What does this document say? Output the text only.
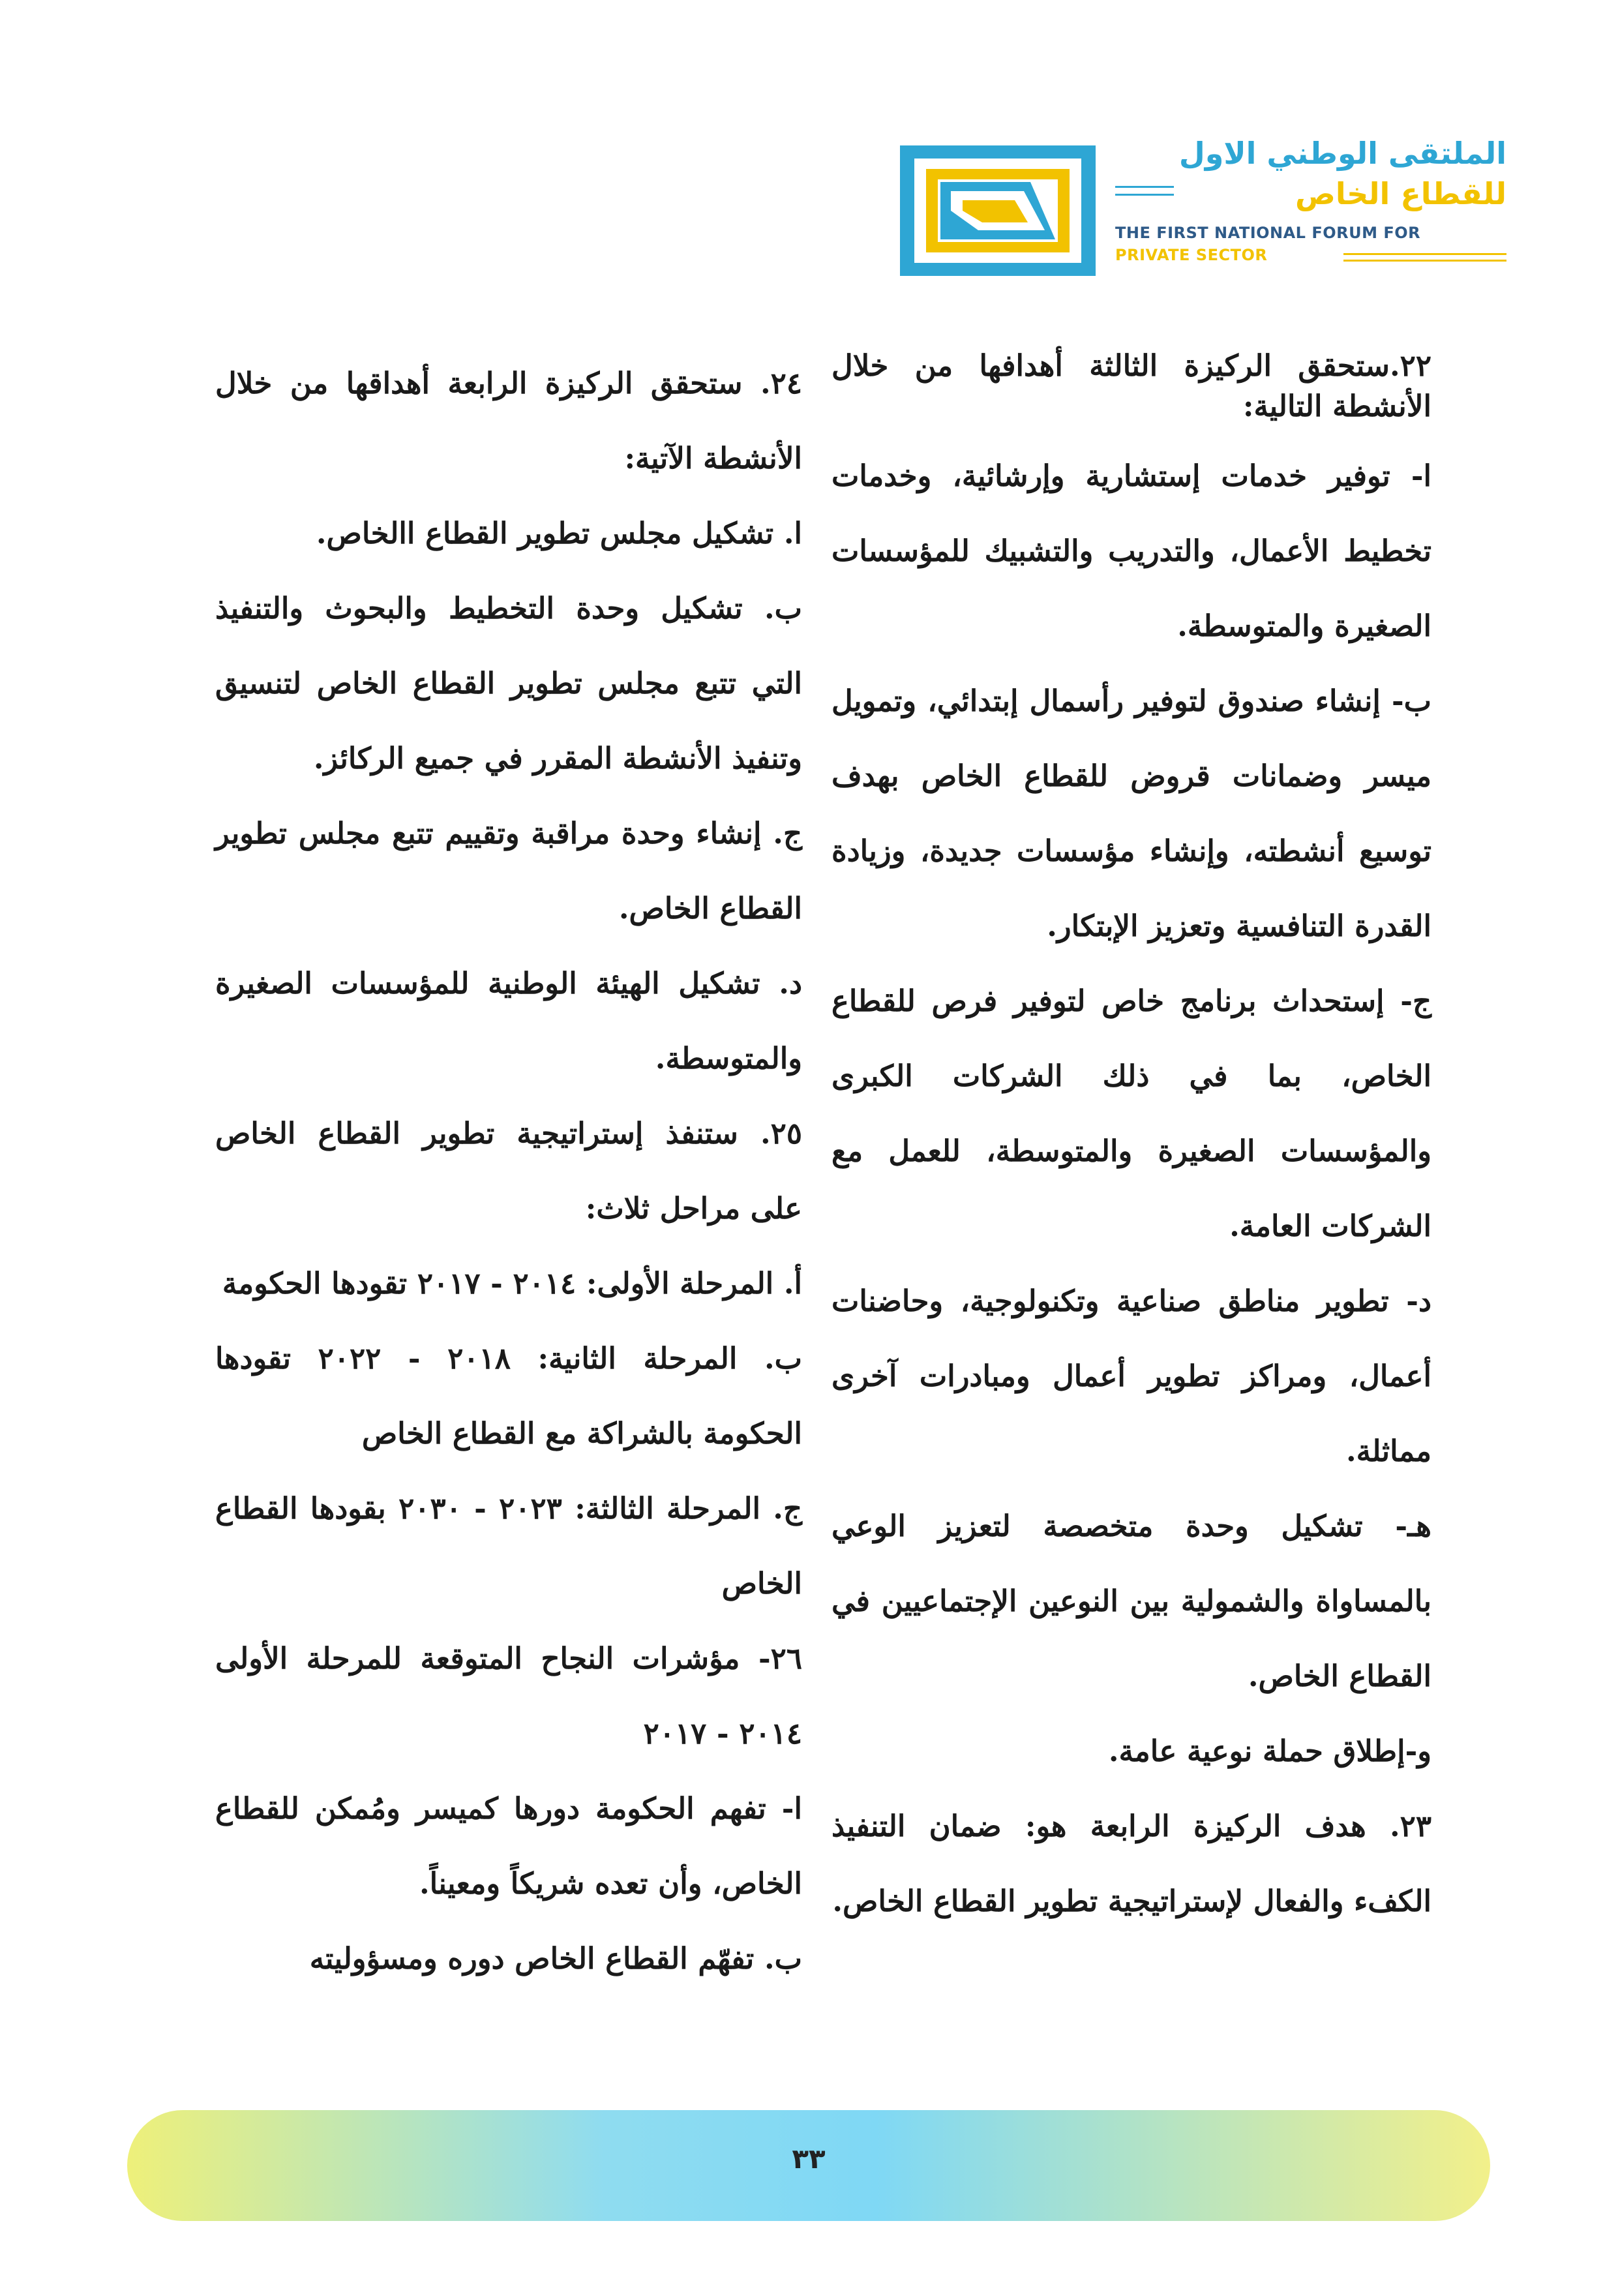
الملتقى الوطني الاول
للقطاع الخاص
THE FIRST NATIONAL FORUM FOR
PRIVATE SECTOR

٢٢.ستحقق الركيزة الثالثة أهدافها من خلال الأنشطة التالية:

ا- توفير خدمات إستشارية وإرشائية، وخدمات تخطيط الأعمال، والتدريب والتشبيك للمؤسسات الصغيرة والمتوسطة.

ب- إنشاء صندوق لتوفير رأسمال إبتدائي، وتمويل ميسر وضمانات قروض للقطاع الخاص بهدف توسيع أنشطته، وإنشاء مؤسسات جديدة، وزيادة القدرة التنافسية وتعزيز الإبتكار.

ج- إستحداث برنامج خاص لتوفير فرص للقطاع الخاص، بما في ذلك الشركات الكبرى والمؤسسات الصغيرة والمتوسطة، للعمل مع الشركات العامة.

د- تطوير مناطق صناعية وتكنولوجية، وحاضنات أعمال، ومراكز تطوير أعمال ومبادرات آخرى مماثلة.

هـ- تشكيل وحدة متخصصة لتعزيز الوعي بالمساواة والشمولية بين النوعين الإجتماعيين في القطاع الخاص.

و-إطلاق حملة نوعية عامة.

٢٣. هدف الركيزة الرابعة هو: ضمان التنفيذ الكفء والفعال لإستراتيجية تطوير القطاع الخاص.

٢٤. ستحقق الركيزة الرابعة أهداقها من خلال الأنشطة الآتية:

ا. تشكيل مجلس تطوير القطاع االخاص.

ب. تشكيل وحدة التخطيط والبحوث والتنفيذ التي تتبع مجلس تطوير القطاع الخاص لتنسيق وتنفيذ الأنشطة المقرر في جميع الركائز.

ج. إنشاء وحدة مراقبة وتقييم تتبع مجلس تطوير القطاع الخاص.

د. تشكيل الهيئة الوطنية للمؤسسات الصغيرة والمتوسطة.

٢٥. ستنفذ إستراتيجية تطوير القطاع الخاص على مراحل ثلاث:

أ. المرحلة الأولى: ٢٠١٤ - ٢٠١٧ تقودها الحكومة

ب. المرحلة الثانية: ٢٠١٨ - ٢٠٢٢ تقودها الحكومة بالشراكة مع القطاع الخاص

ج. المرحلة الثالثة: ٢٠٢٣ - ٢٠٣٠ بقودها القطاع الخاص

٢٦- مؤشرات النجاح المتوقعة للمرحلة الأولى ٢٠١٤ - ٢٠١٧

ا- تفهم الحكومة دورها كميسر ومُمكن للقطاع الخاص، وأن تعده شريكاً ومعيناً.

ب. تفهّم القطاع الخاص دوره ومسؤوليته

٣٣
